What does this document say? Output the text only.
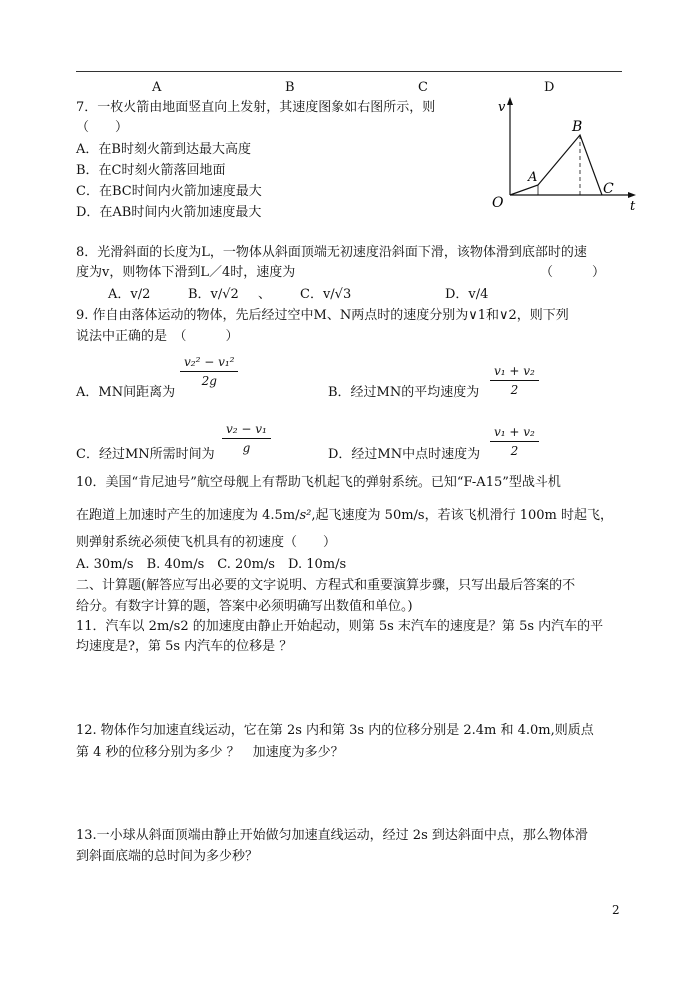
A	B	C	D
7．一枚火箭由地面竖直向上发射，其速度图象如右图所示，则
（　　）
A．在B时刻火箭到达最大高度
B．在C时刻火箭落回地面
C．在BC时间内火箭加速度最大
D．在AB时间内火箭加速度最大
O
v
t
A
B
C
8．光滑斜面的长度为L，一物体从斜面顶端无初速度沿斜面下滑，该物体滑到底部时的速
度为v，则物体下滑到L／4时，速度为	（　　　）
A．v/2	B．v/√2 、 C．v/√3	D．v/4
9. 作自由落体运动的物体，先后经过空中M、N两点时的速度分别为∨1和∨2，则下列
说法中正确的是　（　　　）
v₂² − v₁²
2g
A．MN间距离为
v₁ + v₂
2
B．经过MN的平均速度为
v₂ − v₁
g
C．经过MN所需时间为
v₁ + v₂
2
D．经过MN中点时速度为
10．美国“肯尼迪号”航空母舰上有帮助飞机起飞的弹射系统。已知“F-A15”型战斗机
在跑道上加速时产生的加速度为 4.5m/s²,起飞速度为 50m/s，若该飞机滑行 100m 时起飞，
则弹射系统必须使飞机具有的初速度（　　）
A. 30m/s　B. 40m/s　C. 20m/s　D. 10m/s
二、计算题(解答应写出必要的文字说明、方程式和重要演算步骤，只写出最后答案的不
给分。有数字计算的题，答案中必须明确写出数值和单位。)
11．汽车以 2m/s2 的加速度由静止开始起动，则第 5s 末汽车的速度是？第 5s 内汽车的平
均速度是?，第 5s 内汽车的位移是 ？
12. 物体作匀加速直线运动，它在第 2s 内和第 3s 内的位移分别是 2.4m 和 4.0m,则质点
第 4 秒的位移分别为多少 ？　加速度为多少？
13.一小球从斜面顶端由静止开始做匀加速直线运动，经过 2s 到达斜面中点，那么物体滑
到斜面底端的总时间为多少秒？
2
